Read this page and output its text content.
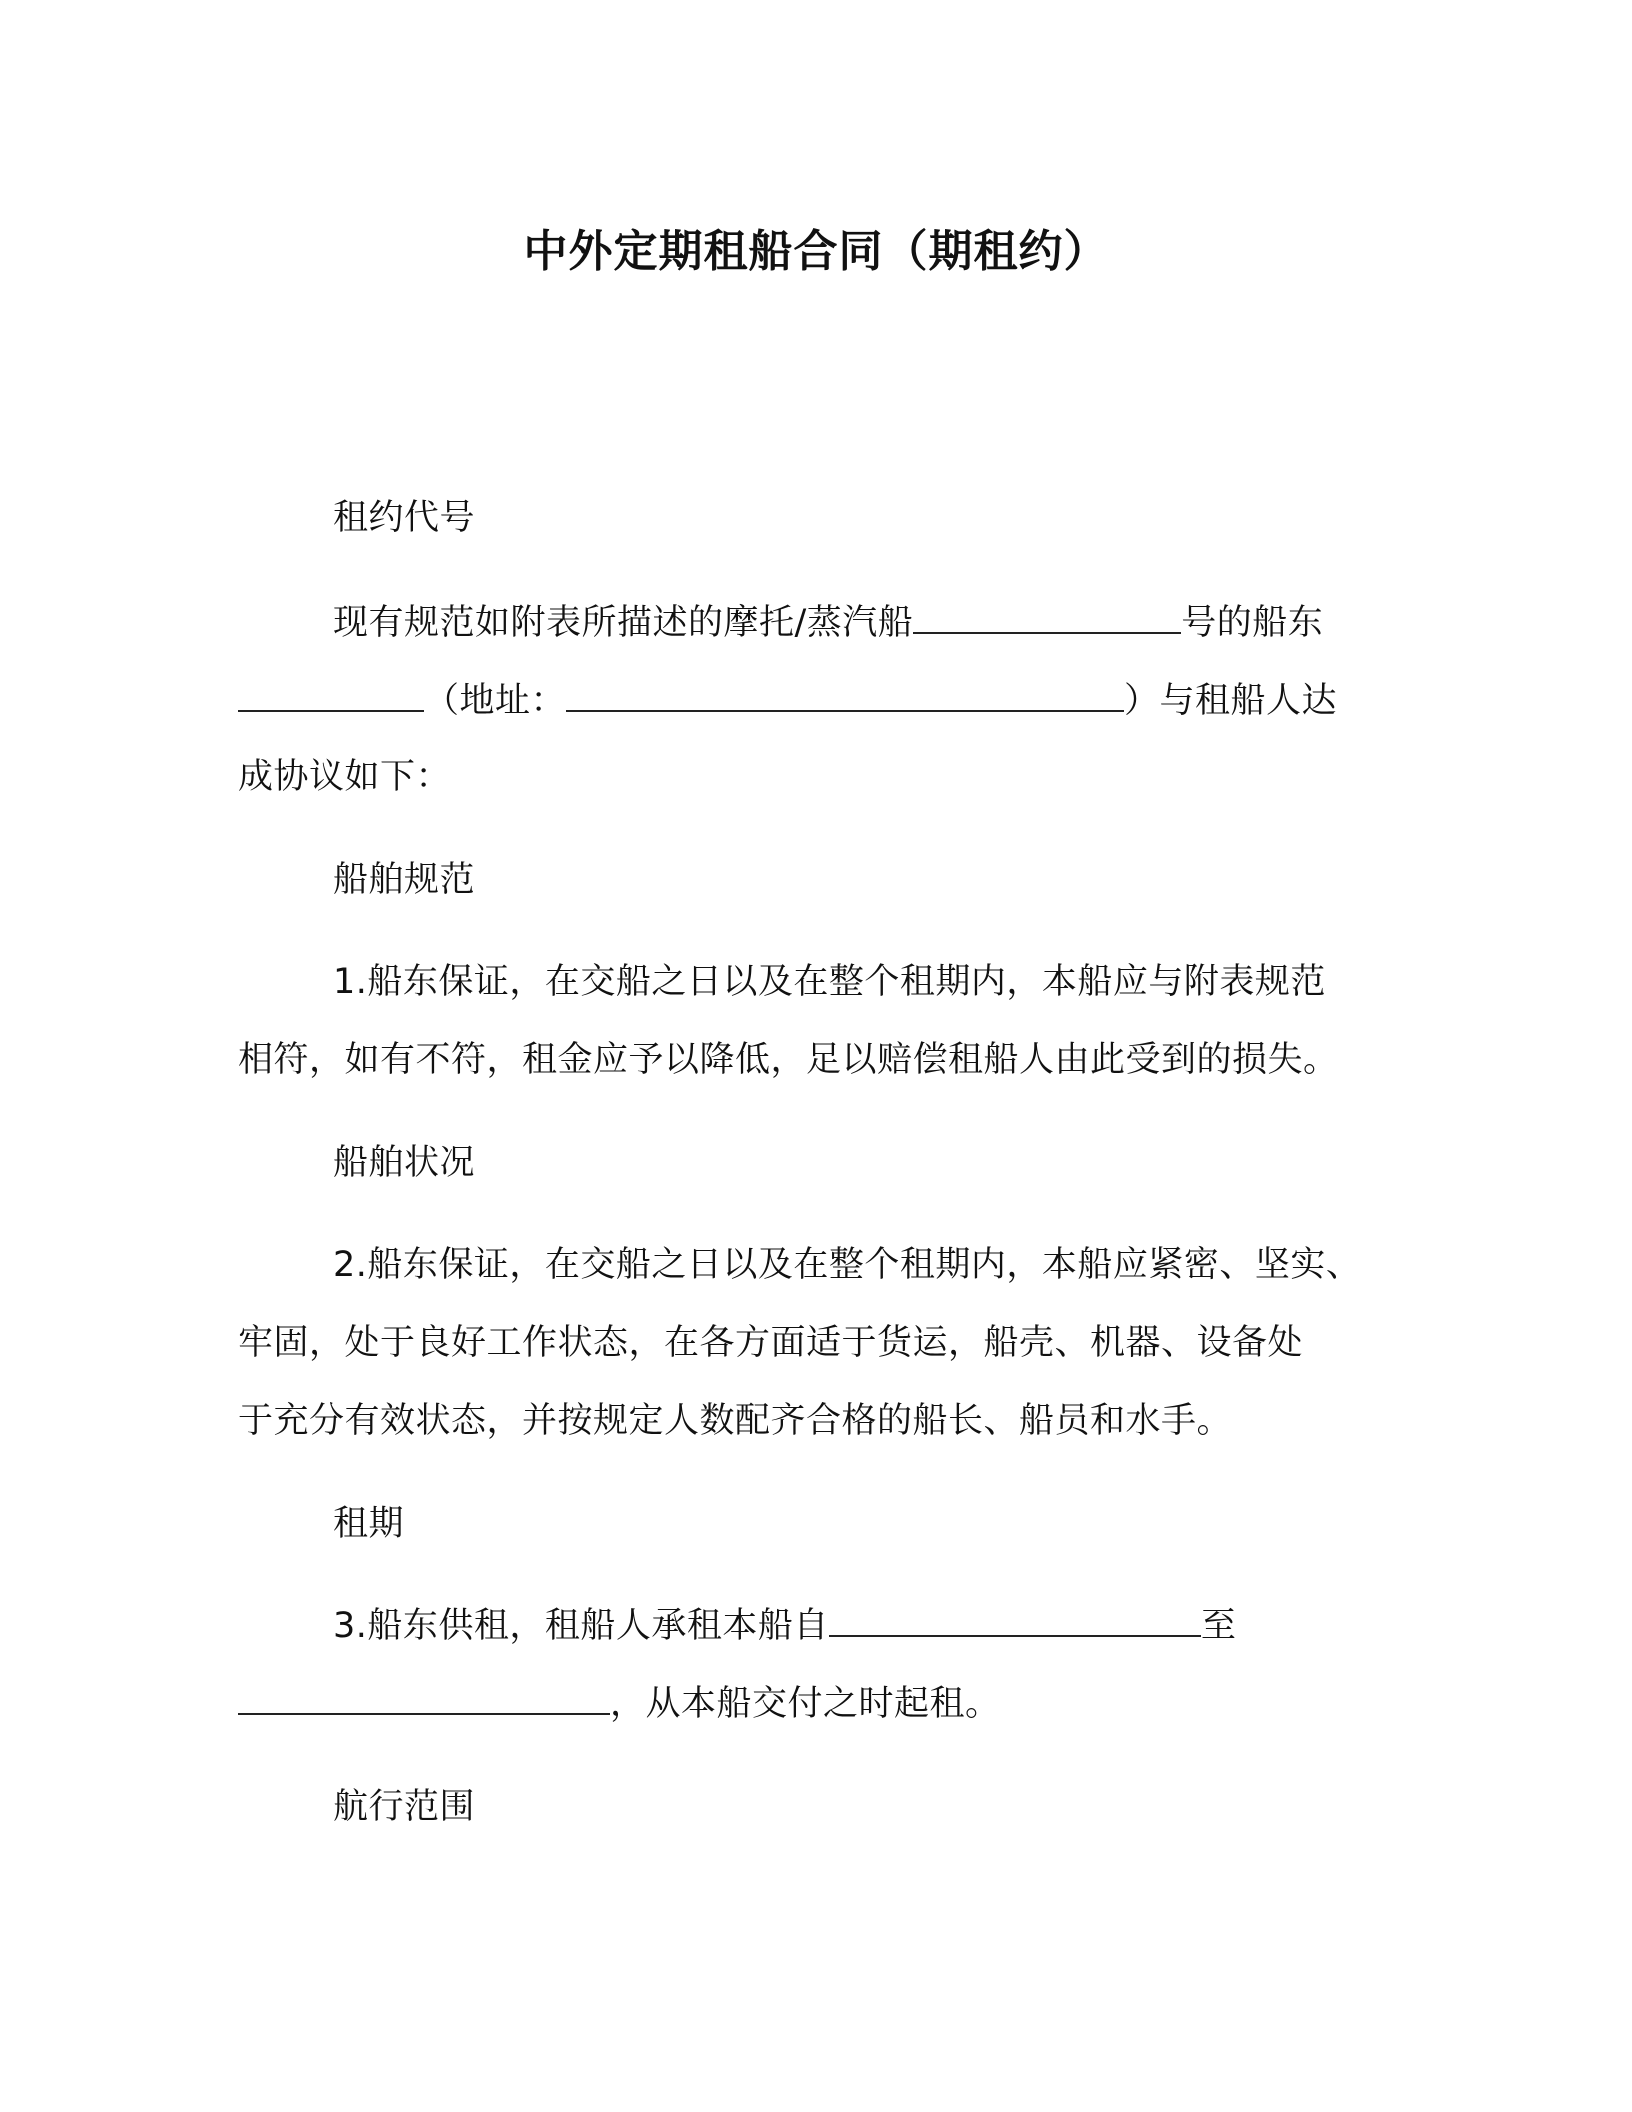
中外定期租船合同（期租约）
租约代号
现有规范如附表所描述的摩托/蒸汽船	号的船东
（地址：	）与租船人达
成协议如下：
船舶规范
1.船东保证，在交船之日以及在整个租期内，本船应与附表规范
相符，如有不符，租金应予以降低，足以赔偿租船人由此受到的损失。
船舶状况
2.船东保证，在交船之日以及在整个租期内，本船应紧密、坚实、
牢固，处于良好工作状态，在各方面适于货运，船壳、机器、设备处
于充分有效状态，并按规定人数配齐合格的船长、船员和水手。
租期
3.船东供租，租船人承租本船自	至
，从本船交付之时起租。
航行范围
